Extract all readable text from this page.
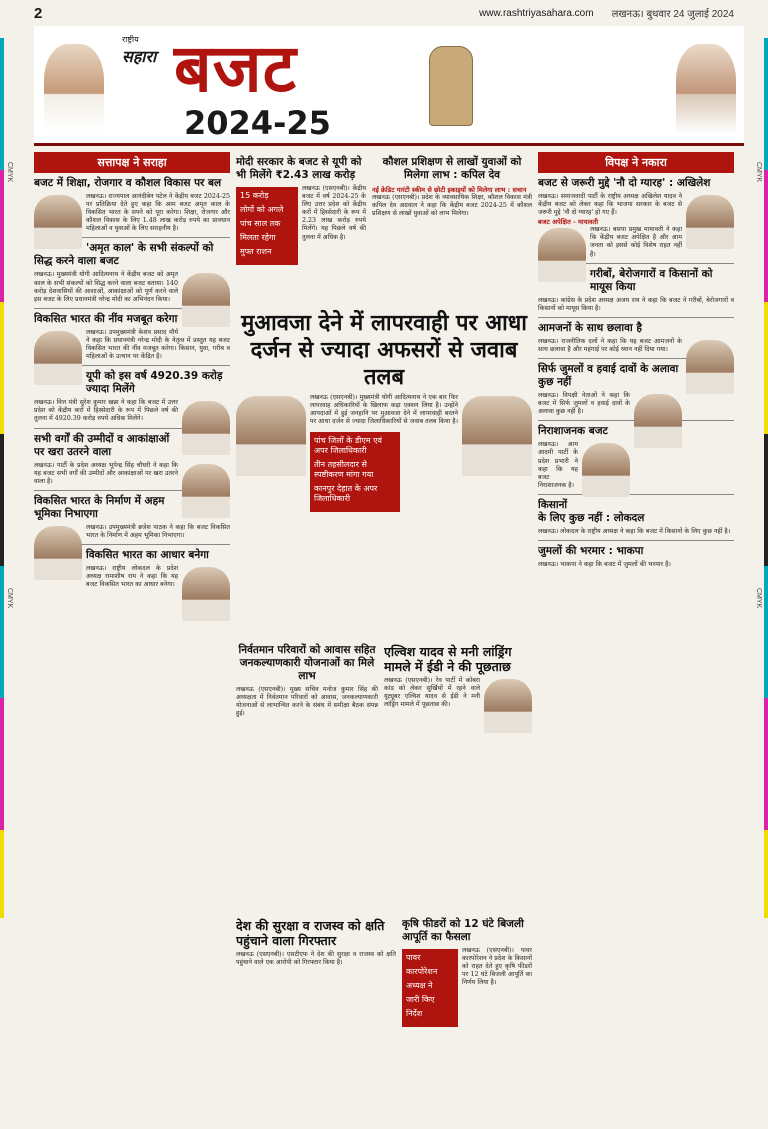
CMYK
CMYK
CMYK
CMYK
2	www.rashtriyasahara.com लखनऊ। बुधवार 24 जुलाई 2024
राष्ट्रीय
सहारा बजट
2024-25
सत्तापक्ष ने सराहा
बजट में शिक्षा, रोजगार व कौशल विकास पर बल

लखनऊ। राज्यपाल आनंदीबेन पटेल ने केंद्रीय बजट 2024-25 पर प्रतिक्रिया देते हुए कहा कि आम बजट अमृत काल के विकसित भारत के सपने को पूरा करेगा। शिक्षा, रोजगार और कौशल विकास के लिए 1.48 लाख करोड़ रुपये का प्रावधान महिलाओं व युवाओं के लिए सराहनीय है।

'अमृत काल' के सभी संकल्पों को सिद्ध करने वाला बजट

लखनऊ। मुख्यमंत्री योगी आदित्यनाथ ने केंद्रीय बजट को अमृत काल के सभी संकल्पों को सिद्ध करने वाला बजट बताया। 140 करोड़ देशवासियों की आशाओं, आकांक्षाओं को पूर्ण करने वाले इस बजट के लिए प्रधानमंत्री नरेन्द्र मोदी का अभिनंदन किया।

विकसित भारत की नींव मजबूत करेगा

लखनऊ। उपमुख्यमंत्री केशव प्रसाद मौर्य ने कहा कि प्रधानमंत्री नरेन्द्र मोदी के नेतृत्व में प्रस्तुत यह बजट विकसित भारत की नींव मजबूत करेगा। किसान, युवा, गरीब व महिलाओं के उत्थान पर केंद्रित है।

यूपी को इस वर्ष 4920.39 करोड़ ज्यादा मिलेंगे

लखनऊ। वित्त मंत्री सुरेश कुमार खन्ना ने कहा कि बजट में उत्तर प्रदेश को केंद्रीय करों में हिस्सेदारी के रूप में पिछले वर्ष की तुलना में 4920.39 करोड़ रुपये अधिक मिलेंगे।

सभी वर्गों की उम्मीदों व आकांक्षाओं पर खरा उतरने वाला

लखनऊ। पार्टी के प्रदेश अध्यक्ष भूपेन्द्र सिंह चौधरी ने कहा कि यह बजट सभी वर्गों की उम्मीदों और आकांक्षाओं पर खरा उतरने वाला है।

विकसित भारत के निर्माण में अहम भूमिका निभाएगा

लखनऊ। उपमुख्यमंत्री ब्रजेश पाठक ने कहा कि बजट विकसित भारत के निर्माण में अहम भूमिका निभाएगा।

विकसित भारत का आधार बनेगा

लखनऊ। राष्ट्रीय लोकदल के प्रदेश अध्यक्ष रामाशीष राय ने कहा कि यह बजट विकसित भारत का आधार बनेगा।

मोदी सरकार के बजट से यूपी को भी मिलेंगे ₹2.43 लाख करोड़
15 करोड़
लोगों को अगले
पांच साल तक
मिलता रहेगा
मुफ्त राशन

लखनऊ (एसएनबी)। केंद्रीय बजट में वर्ष 2024-25 के लिए उत्तर प्रदेश को केंद्रीय करों में हिस्सेदारी के रूप में 2.23 लाख करोड़ रुपये मिलेंगे। यह पिछले वर्ष की तुलना में अधिक है।

कौशल प्रशिक्षण से लाखों युवाओं को मिलेगा लाभ : कपिल देव
नई क्रेडिट गारंटी स्कीम से छोटी इकाइयों को मिलेगा लाभ : सचान

लखनऊ (एसएनबी)। प्रदेश के व्यावसायिक शिक्षा, कौशल विकास मंत्री कपिल देव अग्रवाल ने कहा कि केंद्रीय बजट 2024-25 में कौशल प्रशिक्षण से लाखों युवाओं को लाभ मिलेगा।

मुआवजा देने में लापरवाही पर आधा दर्जन से ज्यादा अफसरों से जवाब तलब

लखनऊ (एसएनबी)। मुख्यमंत्री योगी आदित्यनाथ ने एक बार फिर लापरवाह अधिकारियों के खिलाफ कड़ा एक्शन लिया है। उन्होंने आपदाओं में हुई जनहानि पर मुआवजा देने में लापरवाही बरतने पर आधा दर्जन से ज्यादा जिलाधिकारियों से जवाब तलब किया है।

पांच जिलों के डीएम एवं अपर जिलाधिकारी
तीन तहसीलदार से स्पष्टीकरण मांगा गया
कानपुर देहात के अपर जिलाधिकारी
निर्वतमान परिवारों को आवास सहित जनकल्याणकारी योजनाओं का मिले लाभ

लखनऊ (एसएनबी)। मुख्य सचिव मनोज कुमार सिंह की अध्यक्षता में निर्वतमान परिवारों को आवास, जनकल्याणकारी योजनाओं से लाभान्वित करने के संबंध में समीक्षा बैठक संपन्न हुई।

एल्विश यादव से मनी लांड्रिंग मामले में ईडी ने की पूछताछ

लखनऊ (एसएनबी)। रेव पार्टी में कोबरा कांड को लेकर सुर्खियों में रहने वाले यूट्यूबर एल्विश यादव से ईडी ने मनी लांड्रिंग मामले में पूछताछ की।

देश की सुरक्षा व राजस्व को क्षति पहुंचाने वाला गिरफ्तार

लखनऊ (एसएनबी)। एसटीएफ ने देश की सुरक्षा व राजस्व को क्षति पहुंचाने वाले एक आरोपी को गिरफ्तार किया है।

कृषि फीडरों को 12 घंटे बिजली आपूर्ति का फैसला
पावर
कारपोरेशन
अध्यक्ष ने
जारी किए
निर्देश

लखनऊ (एसएनबी)। पावर कारपोरेशन ने प्रदेश के किसानों को राहत देते हुए कृषि फीडरों पर 12 घंटे बिजली आपूर्ति का निर्णय लिया है।

विपक्ष ने नकारा
बजट से जरूरी मुद्दे 'नौ दो ग्यारह' : अखिलेश

लखनऊ। समाजवादी पार्टी के राष्ट्रीय अध्यक्ष अखिलेश यादव ने केंद्रीय बजट को लेकर कहा कि भाजपा सरकार के बजट से जरूरी मुद्दे 'नौ दो ग्यारह' हो गए हैं।

बजट अपेक्षित - मायावती

लखनऊ। बसपा प्रमुख मायावती ने कहा कि केंद्रीय बजट अपेक्षित है और आम जनता को इससे कोई विशेष राहत नहीं है।

गरीबों, बेरोजगारों व किसानों को मायूस किया

लखनऊ। कांग्रेस के प्रदेश अध्यक्ष अजय राय ने कहा कि बजट ने गरीबों, बेरोजगारों व किसानों को मायूस किया है।

आमजनों के साथ छलावा है

लखनऊ। राजनीतिक दलों ने कहा कि यह बजट आमजनों के साथ छलावा है और महंगाई पर कोई ध्यान नहीं दिया गया।

सिर्फ जुमलों व हवाई दावों के अलावा कुछ नहीं

लखनऊ। विपक्षी नेताओं ने कहा कि बजट में सिर्फ जुमलों व हवाई दावों के अलावा कुछ नहीं है।

निराशाजनक बजट

लखनऊ। आम आदमी पार्टी के प्रदेश प्रभारी ने कहा कि यह बजट निराशाजनक है।

किसानों के लिए कुछ नहीं : लोकदल

लखनऊ। लोकदल के राष्ट्रीय अध्यक्ष ने कहा कि बजट में किसानों के लिए कुछ नहीं है।

जुमलों की भरमार : भाकपा

लखनऊ। भाकपा ने कहा कि बजट में जुमलों की भरमार है।
